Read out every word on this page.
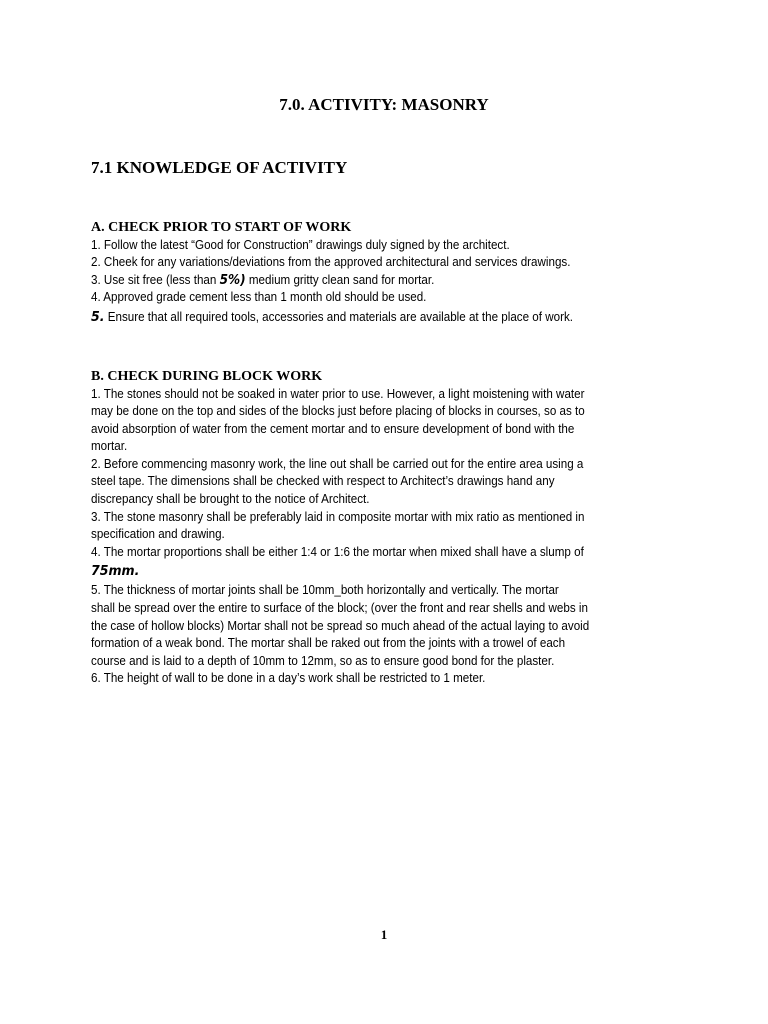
7.0. ACTIVITY: MASONRY
7.1 KNOWLEDGE OF ACTIVITY
A. CHECK PRIOR TO START OF WORK
1. Follow the latest “Good for Construction” drawings duly signed by the architect.
2. Cheek for any variations/deviations from the approved architectural and services drawings.
3. Use sit free (less than 5%) medium gritty clean sand for mortar.
4. Approved grade cement less than 1 month old should be used.
5. Ensure that all required tools, accessories and materials are available at the place of work.
B. CHECK DURING BLOCK WORK
1. The stones should not be soaked in water prior to use. However, a light moistening with water
may be done on the top and sides of the blocks just before placing of blocks in courses, so as to
avoid absorption of water from the cement mortar and to ensure development of bond with the
mortar.
2. Before commencing masonry work, the line out shall be carried out for the entire area using a
steel tape. The dimensions shall be checked with respect to Architect’s drawings hand any
discrepancy shall be brought to the notice of Architect.
3. The stone masonry shall be preferably laid in composite mortar with mix ratio as mentioned in
specification and drawing.
4. The mortar proportions shall be either 1:4 or 1:6 the mortar when mixed shall have a slump of
75mm.
5. The thickness of mortar joints shall be 10mm_both horizontally and vertically. The mortar
shall be spread over the entire to surface of the block; (over the front and rear shells and webs in
the case of hollow blocks) Mortar shall not be spread so much ahead of the actual laying to avoid
formation of a weak bond. The mortar shall be raked out from the joints with a trowel of each
course and is laid to a depth of 10mm to 12mm, so as to ensure good bond for the plaster.
6. The height of wall to be done in a day’s work shall be restricted to 1 meter.
1
